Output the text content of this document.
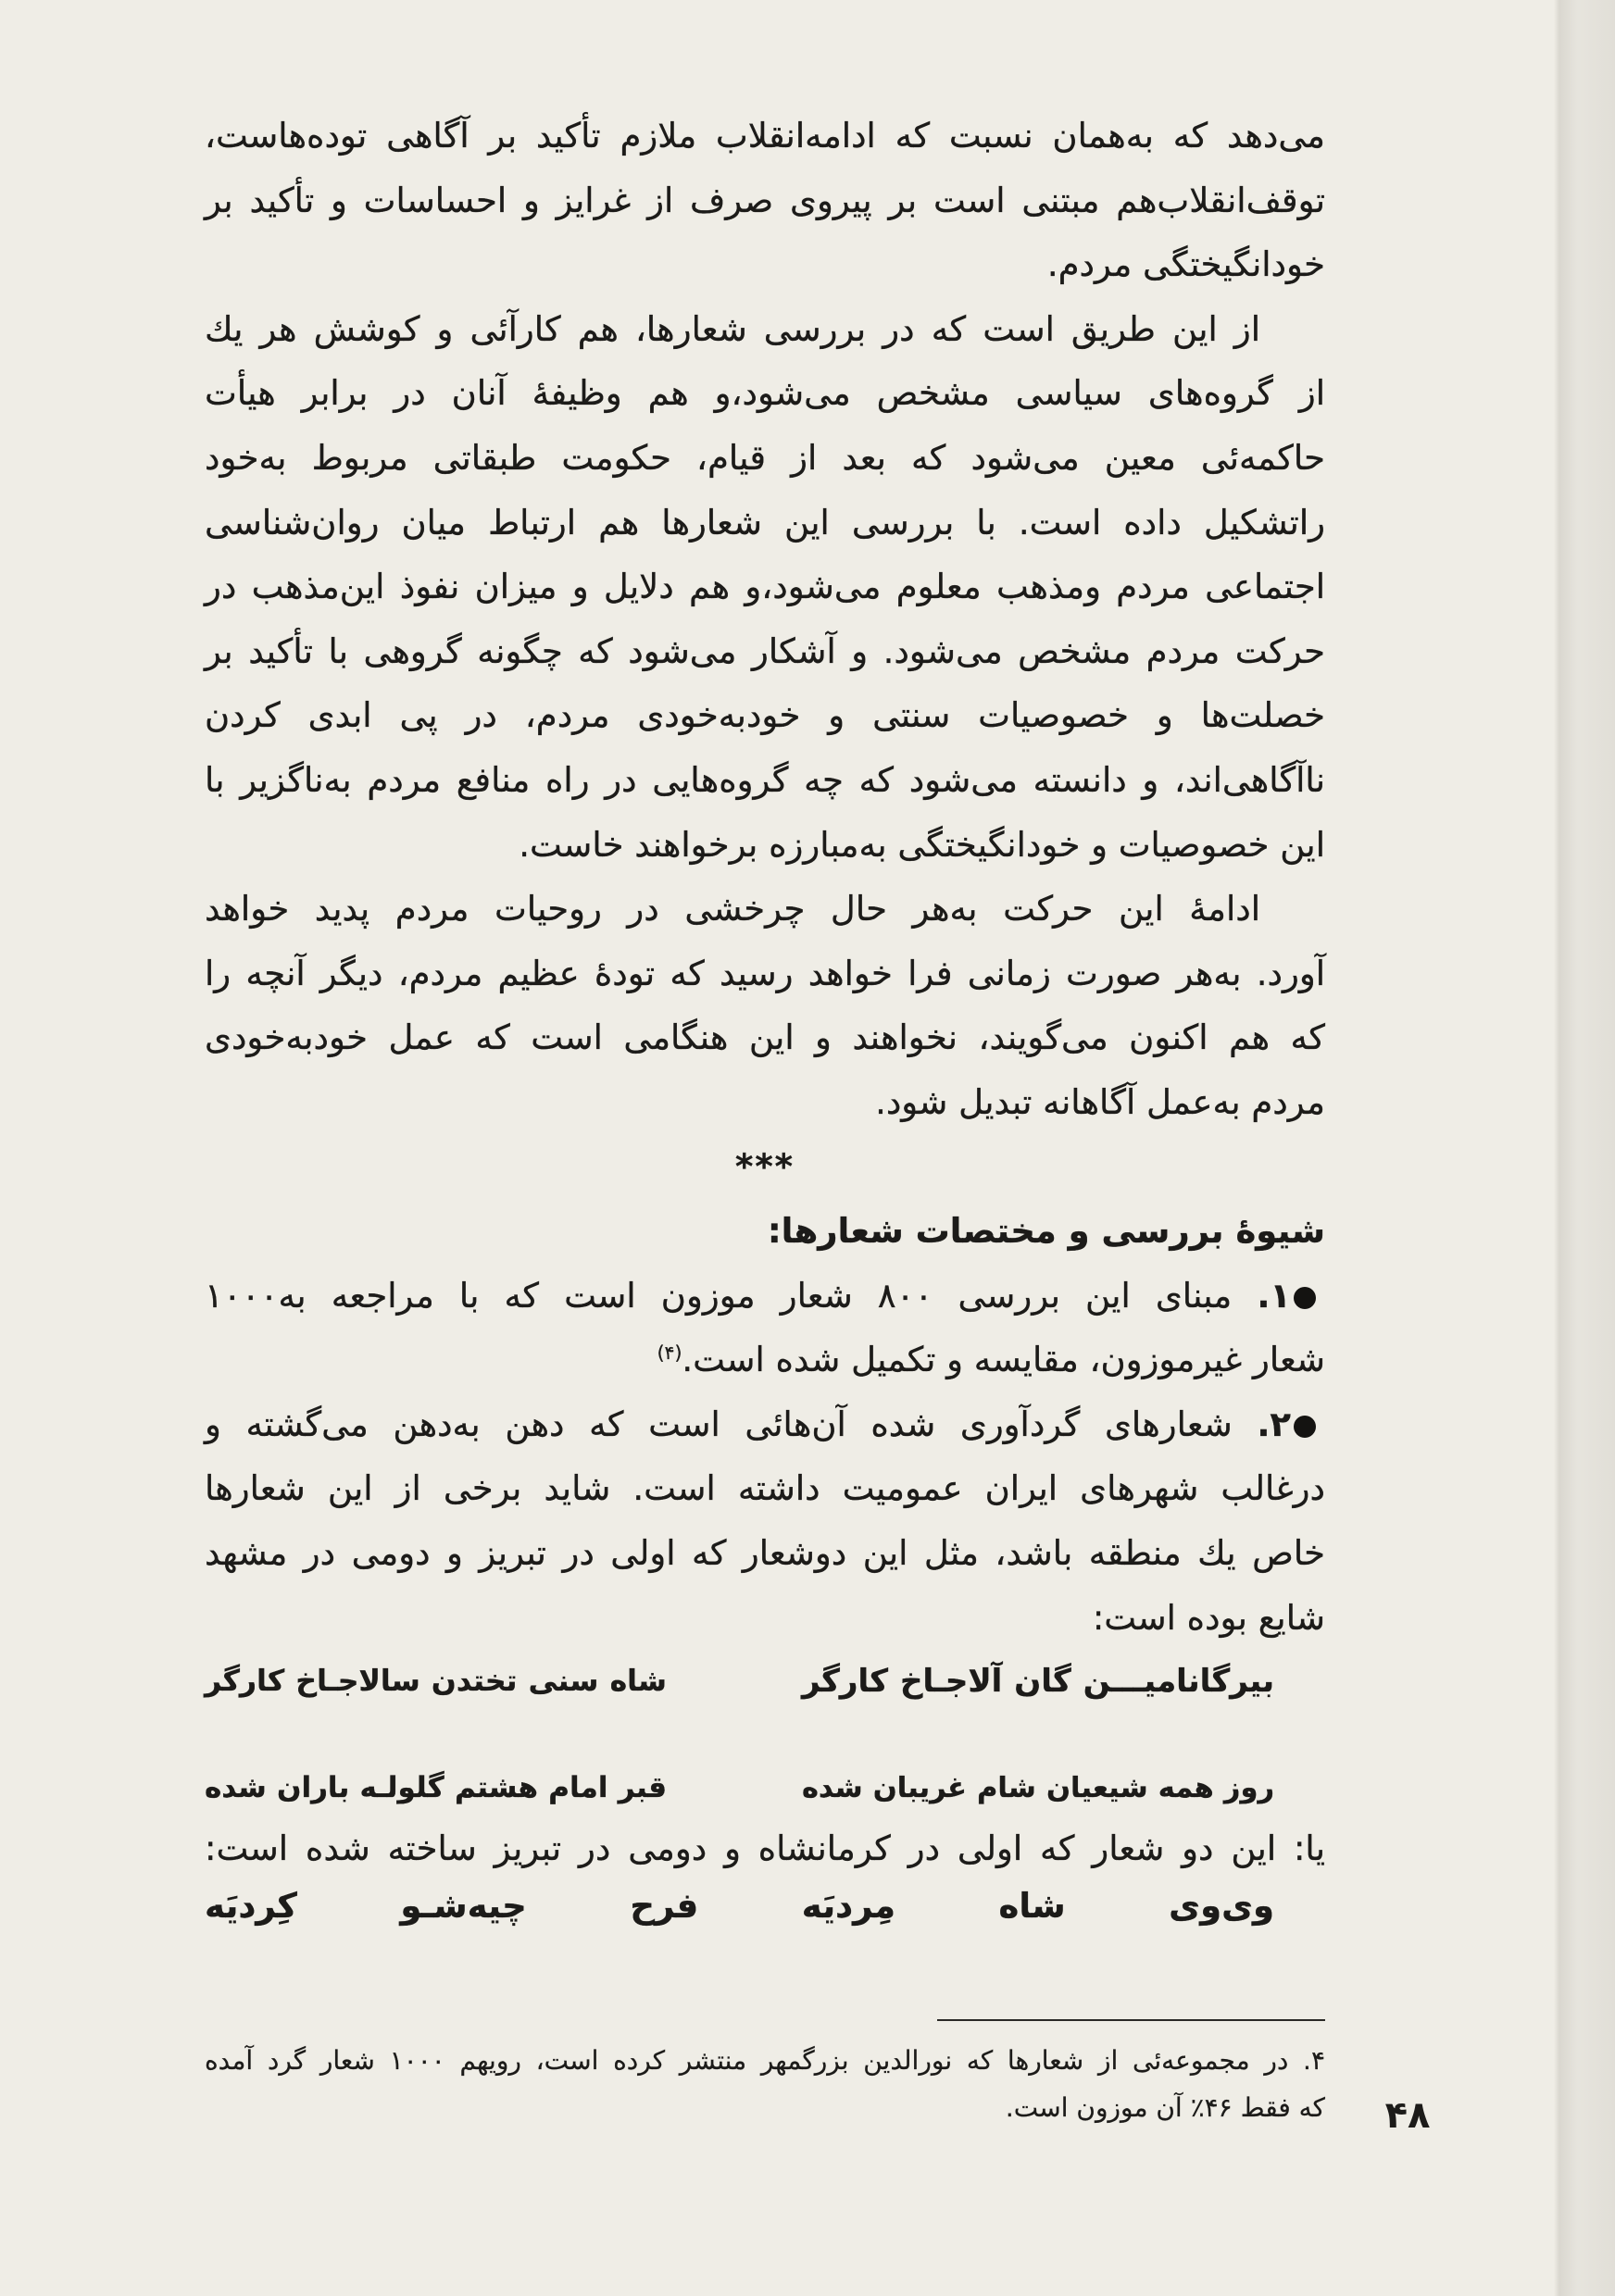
می‌دهد که به‌همان نسبت که ادامه‌انقلاب ملازم تأکید بر آگاهی توده‌هاست،
توقف‌انقلاب‌هم مبتنی است بر پیروی صرف از غرایز و احساسات و تأکید بر
خودانگیختگی مردم.
از این طریق است که در بررسی شعارها، هم کارآئی و کوشش هر یك
از گروه‌های سیاسی مشخص می‌شود،و هم وظیفهٔ آنان در برابر هیأت
حاکمه‌ئی معین می‌شود که بعد از قیام، حکومت طبقاتی مربوط به‌خود
راتشکیل داده است. با بررسی این شعارها هم ارتباط میان روان‌شناسی
اجتماعی مردم ومذهب معلوم می‌شود،و هم دلایل و میزان نفوذ این‌مذهب در
حرکت مردم مشخص می‌شود. و آشکار می‌شود که چگونه گروهی با تأکید بر
خصلت‌ها و خصوصیات سنتی و خودبه‌خودی مردم، در پی ابدی کردن
ناآگاهی‌اند، و دانسته می‌شود که چه گروه‌هایی در راه منافع مردم به‌ناگزیر با
این خصوصیات و خودانگیختگی به‌مبارزه برخواهند خاست.
ادامهٔ این حرکت به‌هر حال چرخشی در روحیات مردم پدید خواهد
آورد. به‌هر صورت زمانی فرا خواهد رسید که تودهٔ عظیم مردم، دیگر آنچه را
که هم اکنون می‌گویند، نخواهند و این هنگامی است که عمل خودبه‌خودی
مردم به‌عمل آگاهانه تبدیل شود.
***
شیوهٔ بررسی و مختصات شعارها:
۱. مبنای این بررسی ۸۰۰ شعار موزون است که با مراجعه به۱۰۰۰
شعار غیرموزون، مقایسه و تکمیل شده است.$^{(۴)}$
۲. شعارهای گردآوری شده آن‌هائی است که دهن به‌دهن می‌گشته و
درغالب شهرهای ایران عمومیت داشته است. شاید برخی از این شعارها
خاص یك منطقه باشد، مثل این دوشعار که اولی در تبریز و دومی در مشهد
شایع بوده است:
بیرگانامیـــن گان آلاجـاخ کارگر
شاه سنی تختدن سالاجـاخ کارگر
روز همه شیعیان شام غریبان شده
قبر امام هشتم گلولـه باران شده
یا: این دو شعار که اولی در کرمانشاه و دومی در تبریز ساخته شده است:
وی‌وی
شاه
مِردیَه
فرح
چیه‌شـو
کِردیَه
۴. در مجموعه‌ئی از شعارها که نورالدین بزرگمهر منتشر کرده است، رویهم ۱۰۰۰ شعار گرد آمده
که فقط ۴۶٪ آن موزون است.	۴۸
